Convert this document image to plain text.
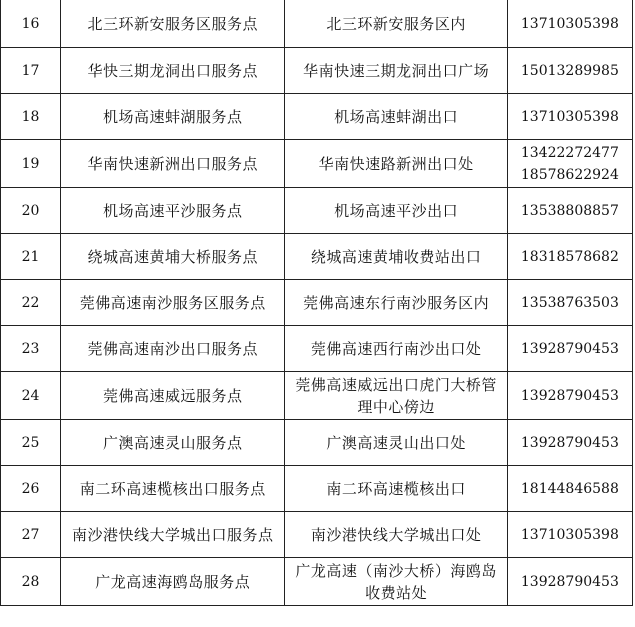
16	北三环新安服务区服务点	北三环新安服务区内	13710305398

17	华快三期龙洞出口服务点	华南快速三期龙洞出口广场	15013289985

18	机场高速蚌湖服务点	机场高速蚌湖出口	13710305398

19	华南快速新洲出口服务点	华南快速路新洲出口处	13422272477
18578622924

20	机场高速平沙服务点	机场高速平沙出口	13538808857

21	绕城高速黄埔大桥服务点	绕城高速黄埔收费站出口	18318578682

22	莞佛高速南沙服务区服务点	莞佛高速东行南沙服务区内	13538763503

23	莞佛高速南沙出口服务点	莞佛高速西行南沙出口处	13928790453

24	莞佛高速威远服务点	莞佛高速威远出口虎门大桥管理中心傍边	13928790453

25	广澳高速灵山服务点	广澳高速灵山出口处	13928790453

26	南二环高速榄核出口服务点	南二环高速榄核出口	18144846588

27	南沙港快线大学城出口服务点	南沙港快线大学城出口处	13710305398

28	广龙高速海鸥岛服务点	广龙高速（南沙大桥）海鸥岛收费站处	13928790453
